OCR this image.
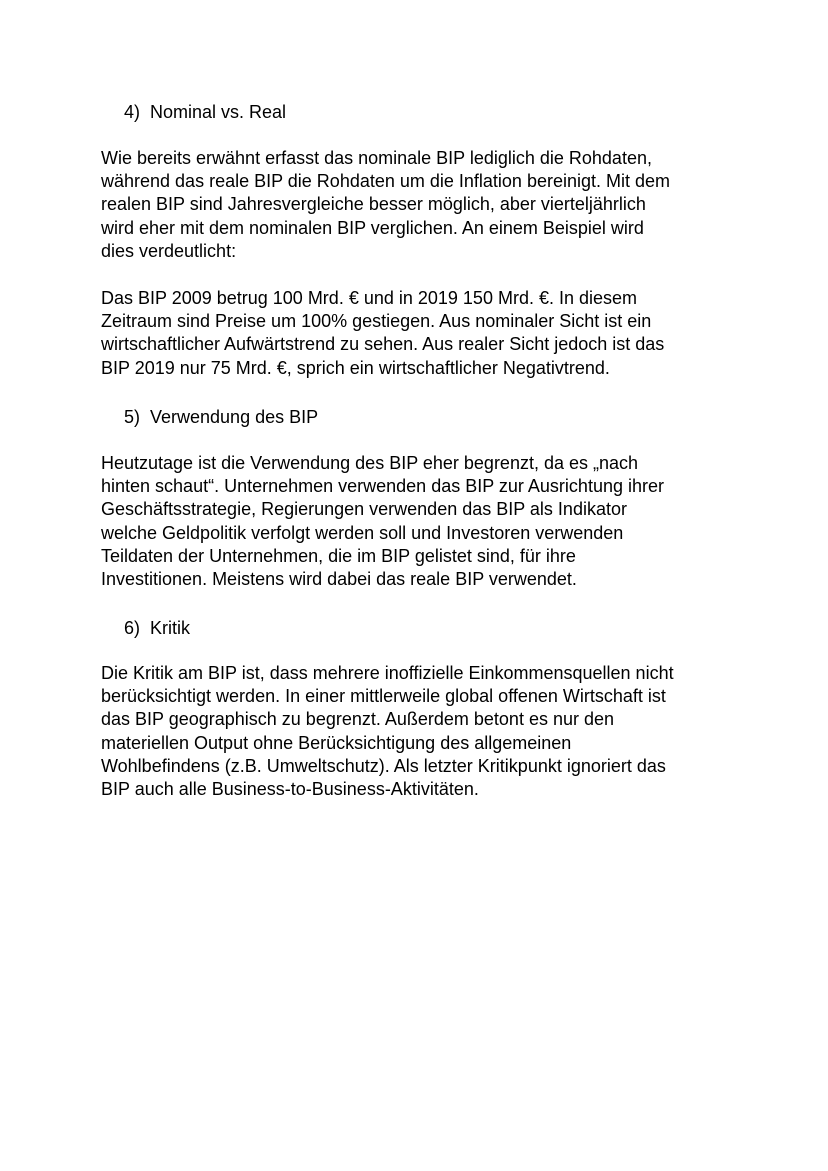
4) Nominal vs. Real

Wie bereits erwähnt erfasst das nominale BIP lediglich die Rohdaten,
während das reale BIP die Rohdaten um die Inflation bereinigt. Mit dem
realen BIP sind Jahresvergleiche besser möglich, aber vierteljährlich
wird eher mit dem nominalen BIP verglichen. An einem Beispiel wird
dies verdeutlicht:

Das BIP 2009 betrug 100 Mrd. € und in 2019 150 Mrd. €. In diesem
Zeitraum sind Preise um 100% gestiegen. Aus nominaler Sicht ist ein
wirtschaftlicher Aufwärtstrend zu sehen. Aus realer Sicht jedoch ist das
BIP 2019 nur 75 Mrd. €, sprich ein wirtschaftlicher Negativtrend.

5) Verwendung des BIP

Heutzutage ist die Verwendung des BIP eher begrenzt, da es „nach
hinten schaut“. Unternehmen verwenden das BIP zur Ausrichtung ihrer
Geschäftsstrategie, Regierungen verwenden das BIP als Indikator
welche Geldpolitik verfolgt werden soll und Investoren verwenden
Teildaten der Unternehmen, die im BIP gelistet sind, für ihre
Investitionen. Meistens wird dabei das reale BIP verwendet.

6) Kritik

Die Kritik am BIP ist, dass mehrere inoffizielle Einkommensquellen nicht
berücksichtigt werden. In einer mittlerweile global offenen Wirtschaft ist
das BIP geographisch zu begrenzt. Außerdem betont es nur den
materiellen Output ohne Berücksichtigung des allgemeinen
Wohlbefindens (z.B. Umweltschutz). Als letzter Kritikpunkt ignoriert das
BIP auch alle Business-to-Business-Aktivitäten.
